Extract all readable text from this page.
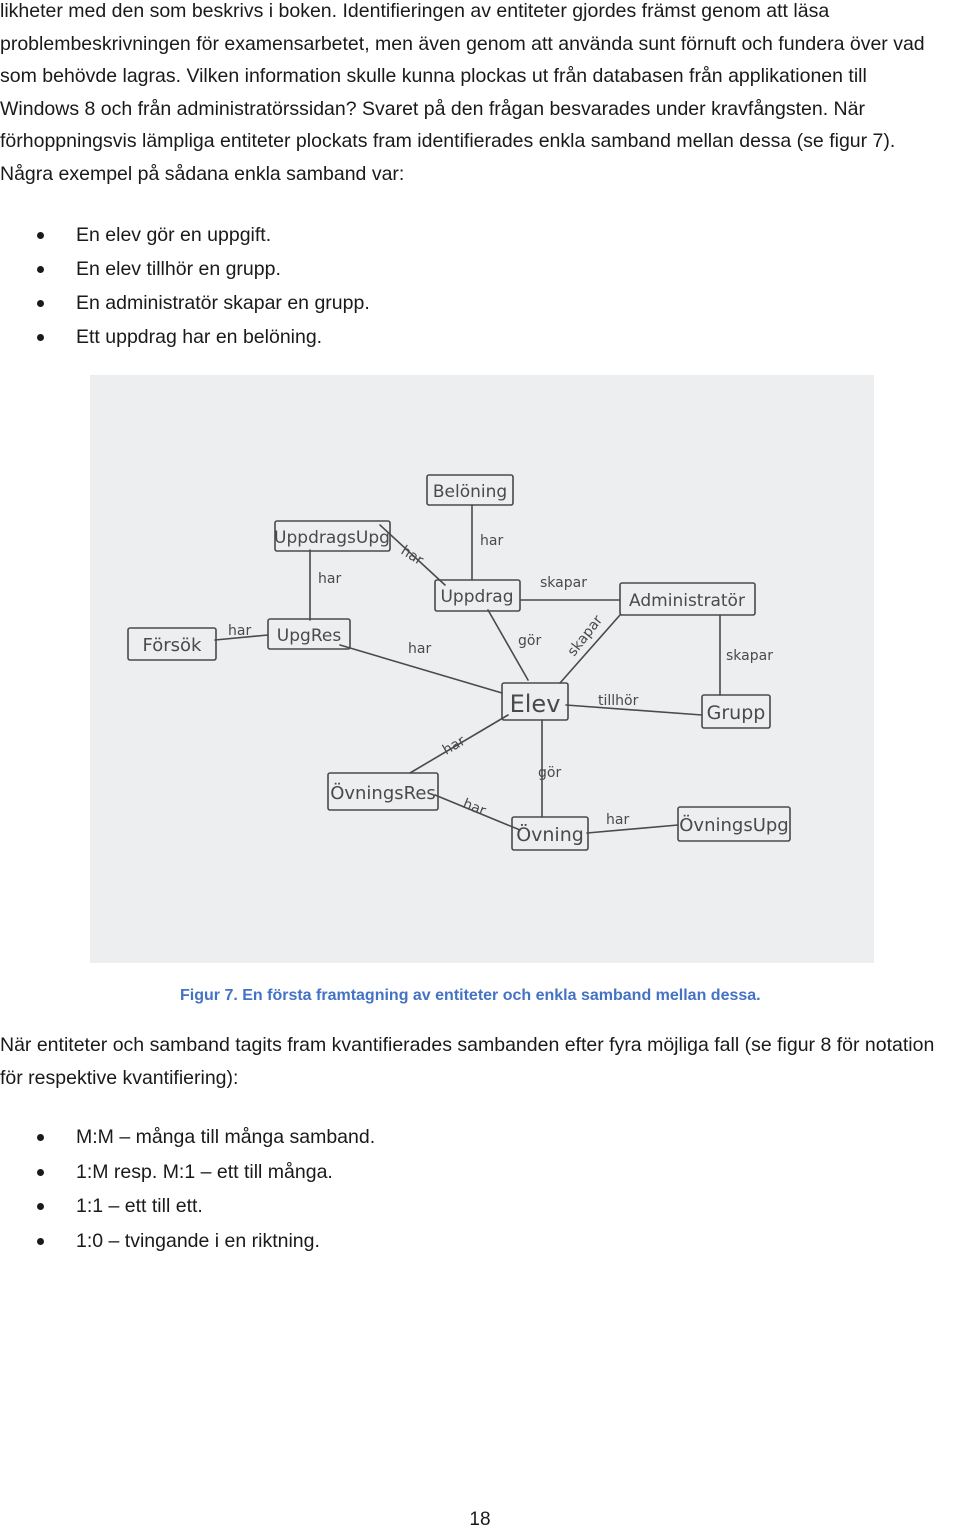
likheter med den som beskrivs i boken. Identifieringen av entiteter gjordes främst genom att läsa problembeskrivningen för examensarbetet, men även genom att använda sunt förnuft och fundera över vad som behövde lagras. Vilken information skulle kunna plockas ut från databasen från applikationen till Windows 8 och från administratörssidan? Svaret på den frågan besvarades under kravfångsten. När förhoppningsvis lämpliga entiteter plockats fram identifierades enkla samband mellan dessa (se figur 7). Några exempel på sådana enkla samband var:

En elev gör en uppgift.
En elev tillhör en grupp.
En administratör skapar en grupp.
Ett uppdrag har en belöning.
Belöning
UppdragsUpg
Uppdrag	Administratör
Försök	UpgRes
Elev	Grupp
ÖvningsRes
Övning	ÖvningsUpg
har
har
har	skapar
har
har	gör skapar	skapar
tillhör
har
gör
har
har
Figur 7. En första framtagning av entiteter och enkla samband mellan dessa.

När entiteter och samband tagits fram kvantifierades sambanden efter fyra möjliga fall (se figur 8 för notation för respektive kvantifiering):

M:M – många till många samband.
1:M resp. M:1 – ett till många.
1:1 – ett till ett.
1:0 – tvingande i en riktning.
18
